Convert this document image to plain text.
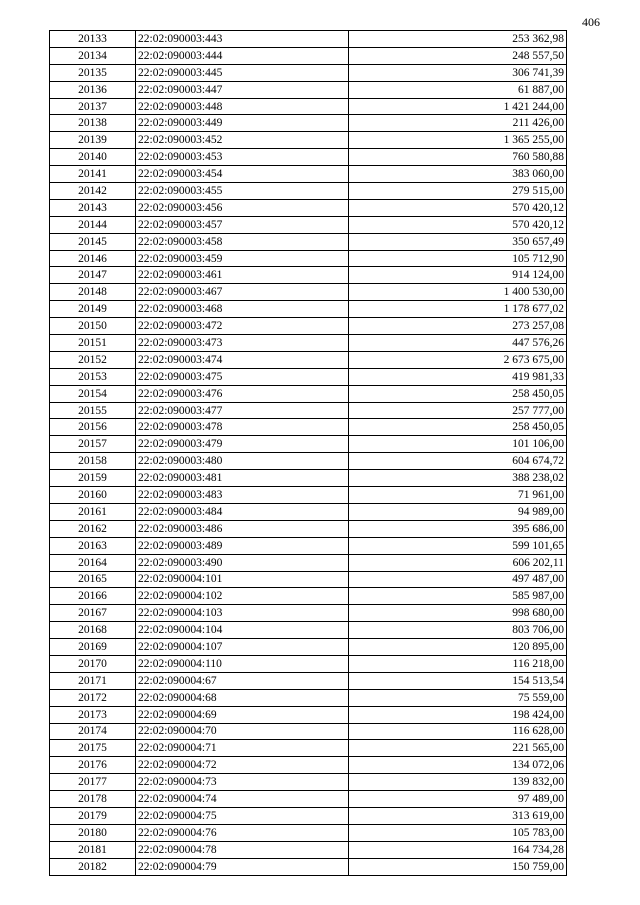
406
20133	22:02:090003:443	253 362,98
20134	22:02:090003:444	248 557,50
20135	22:02:090003:445	306 741,39
20136	22:02:090003:447	61 887,00
20137	22:02:090003:448	1 421 244,00
20138	22:02:090003:449	211 426,00
20139	22:02:090003:452	1 365 255,00
20140	22:02:090003:453	760 580,88
20141	22:02:090003:454	383 060,00
20142	22:02:090003:455	279 515,00
20143	22:02:090003:456	570 420,12
20144	22:02:090003:457	570 420,12
20145	22:02:090003:458	350 657,49
20146	22:02:090003:459	105 712,90
20147	22:02:090003:461	914 124,00
20148	22:02:090003:467	1 400 530,00
20149	22:02:090003:468	1 178 677,02
20150	22:02:090003:472	273 257,08
20151	22:02:090003:473	447 576,26
20152	22:02:090003:474	2 673 675,00
20153	22:02:090003:475	419 981,33
20154	22:02:090003:476	258 450,05
20155	22:02:090003:477	257 777,00
20156	22:02:090003:478	258 450,05
20157	22:02:090003:479	101 106,00
20158	22:02:090003:480	604 674,72
20159	22:02:090003:481	388 238,02
20160	22:02:090003:483	71 961,00
20161	22:02:090003:484	94 989,00
20162	22:02:090003:486	395 686,00
20163	22:02:090003:489	599 101,65
20164	22:02:090003:490	606 202,11
20165	22:02:090004:101	497 487,00
20166	22:02:090004:102	585 987,00
20167	22:02:090004:103	998 680,00
20168	22:02:090004:104	803 706,00
20169	22:02:090004:107	120 895,00
20170	22:02:090004:110	116 218,00
20171	22:02:090004:67	154 513,54
20172	22:02:090004:68	75 559,00
20173	22:02:090004:69	198 424,00
20174	22:02:090004:70	116 628,00
20175	22:02:090004:71	221 565,00
20176	22:02:090004:72	134 072,06
20177	22:02:090004:73	139 832,00
20178	22:02:090004:74	97 489,00
20179	22:02:090004:75	313 619,00
20180	22:02:090004:76	105 783,00
20181	22:02:090004:78	164 734,28
20182	22:02:090004:79	150 759,00
